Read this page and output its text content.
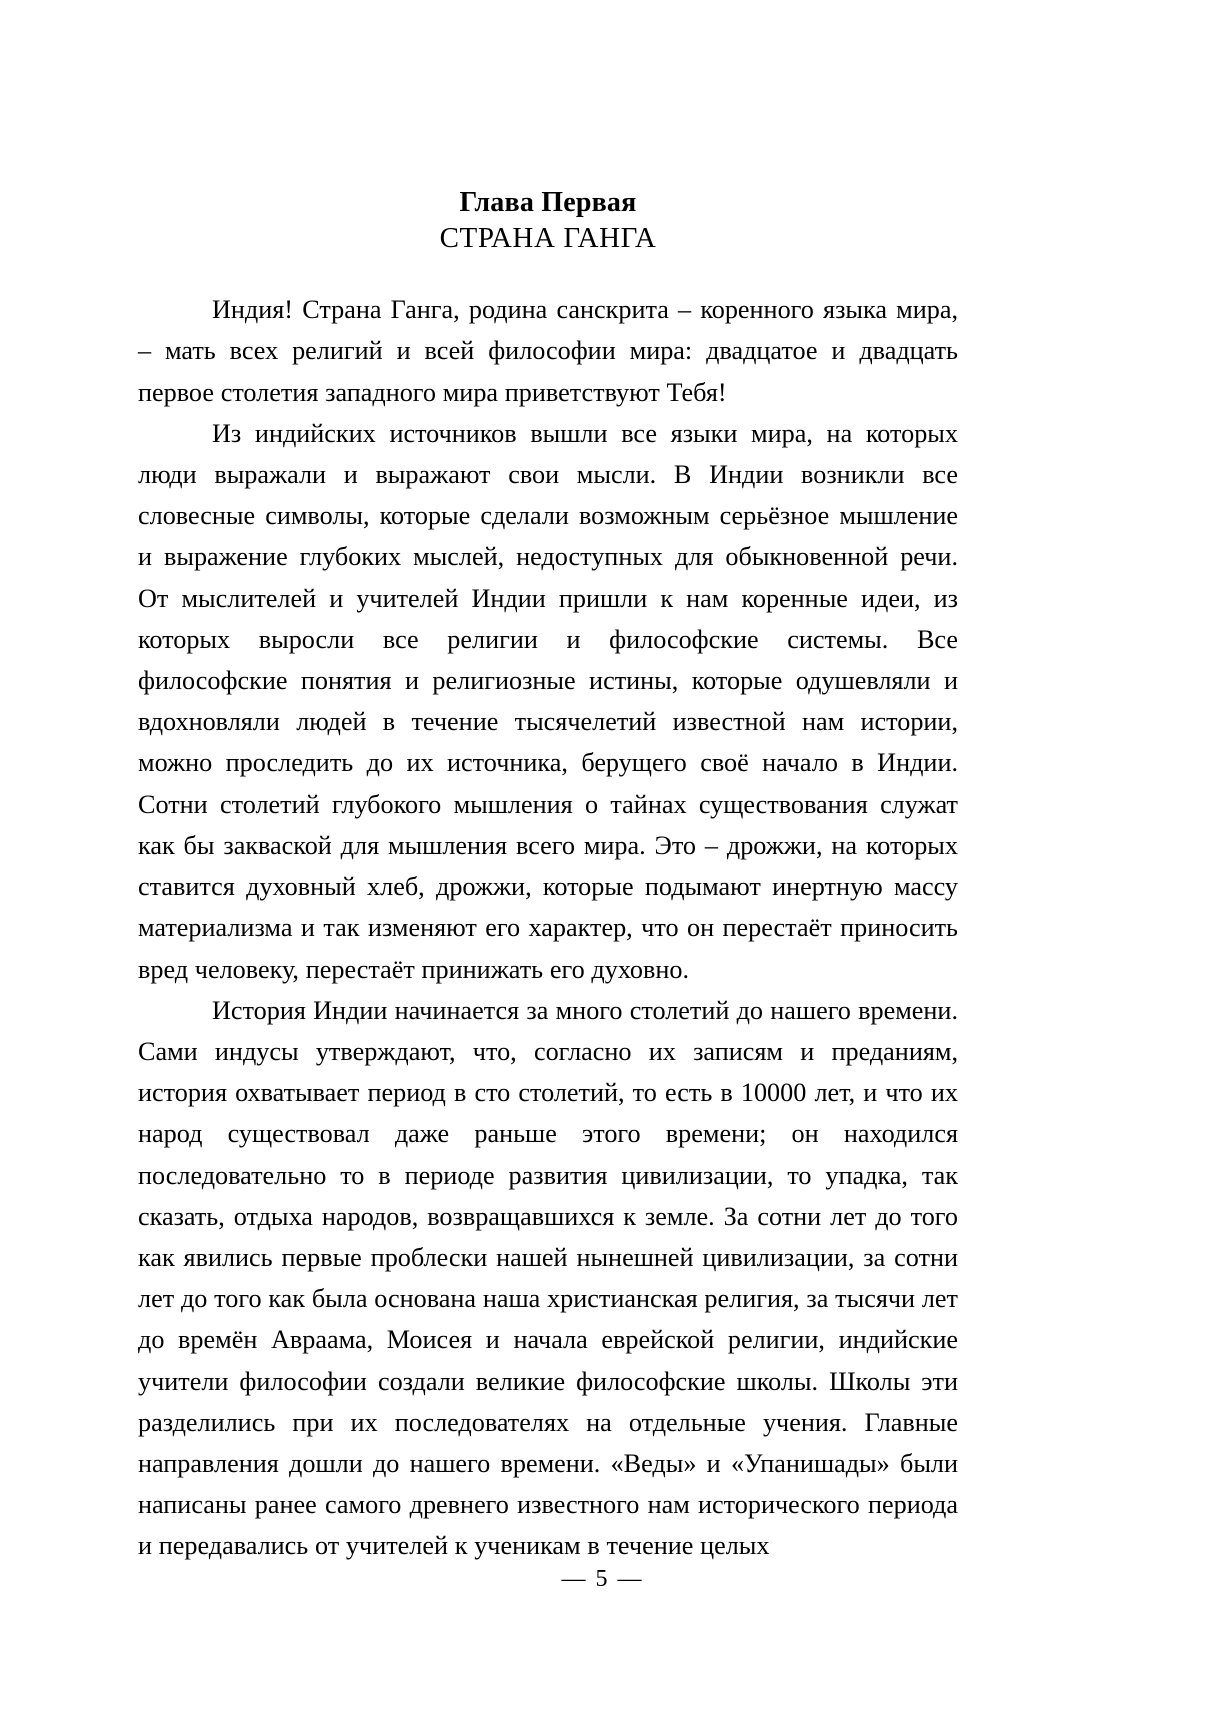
Глава Первая
СТРАНА ГАНГА

Индия! Страна Ганга, родина санскрита – коренного языка мира, – мать всех религий и всей философии мира: двадцатое и двадцать первое столетия западного мира приветствуют Тебя!

Из индийских источников вышли все языки мира, на которых люди выражали и выражают свои мысли. В Индии возникли все словесные символы, которые сделали возможным серьёзное мышление и выражение глубоких мыслей, недоступных для обыкновенной речи. От мыслителей и учителей Индии пришли к нам коренные идеи, из которых выросли все религии и философские системы. Все философские понятия и религиозные истины, которые одушевляли и вдохновляли людей в течение тысячелетий известной нам истории, можно проследить до их источника, берущего своё начало в Индии. Сотни столетий глубокого мышления о тайнах существования служат как бы закваской для мышления всего мира. Это – дрожжи, на которых ставится духовный хлеб, дрожжи, которые подымают инертную массу материализма и так изменяют его характер, что он перестаёт приносить вред человеку, перестаёт принижать его духовно.

История Индии начинается за много столетий до нашего времени. Сами индусы утверждают, что, согласно их записям и преданиям, история охватывает период в сто столетий, то есть в 10000 лет, и что их народ существовал даже раньше этого времени; он находился последовательно то в периоде развития цивилизации, то упадка, так сказать, отдыха народов, возвращавшихся к земле. За сотни лет до того как явились первые проблески нашей нынешней цивилизации, за сотни лет до того как была основана наша христианская религия, за тысячи лет до времён Авраама, Моисея и начала еврейской религии, индийские учители философии создали великие философские школы. Школы эти разделились при их последователях на отдельные учения. Главные направления дошли до нашего времени. «Веды» и «Упанишады» были написаны ранее самого древнего известного нам исторического периода и передавались от учителей к ученикам в течение целых

— 5 —
